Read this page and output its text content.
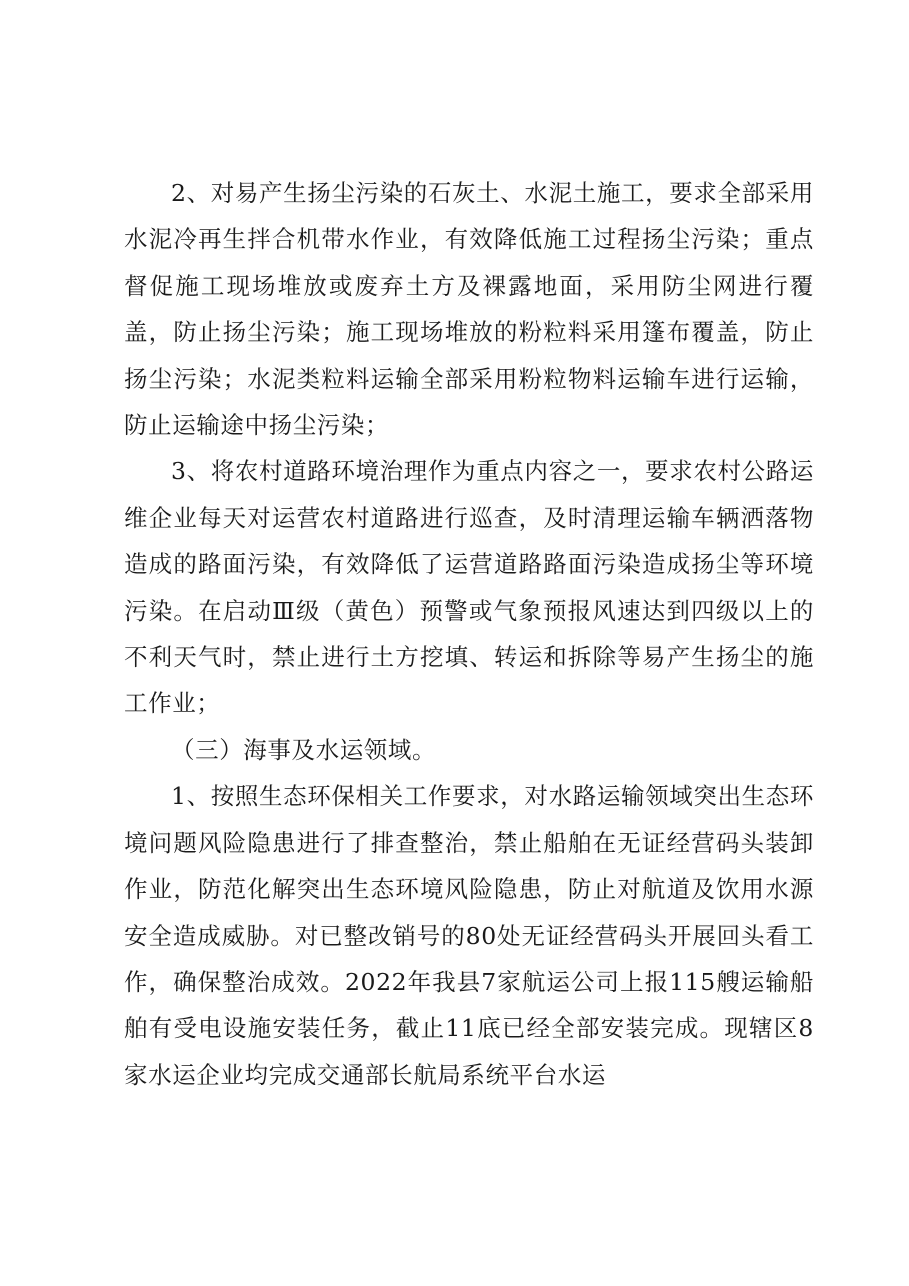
2、对易产生扬尘污染的石灰土、水泥土施工，要求全部采用水泥冷再生拌合机带水作业，有效降低施工过程扬尘污染；重点督促施工现场堆放或废弃土方及裸露地面，采用防尘网进行覆盖，防止扬尘污染；施工现场堆放的粉粒料采用篷布覆盖，防止扬尘污染；水泥类粒料运输全部采用粉粒物料运输车进行运输，防止运输途中扬尘污染；

3、将农村道路环境治理作为重点内容之一，要求农村公路运维企业每天对运营农村道路进行巡查，及时清理运输车辆洒落物造成的路面污染，有效降低了运营道路路面污染造成扬尘等环境污染。在启动Ⅲ级（黄色）预警或气象预报风速达到四级以上的不利天气时，禁止进行土方挖填、转运和拆除等易产生扬尘的施工作业；

（三）海事及水运领域。

1、按照生态环保相关工作要求，对水路运输领域突出生态环境问题风险隐患进行了排查整治，禁止船舶在无证经营码头装卸作业，防范化解突出生态环境风险隐患，防止对航道及饮用水源安全造成威胁。对已整改销号的80处无证经营码头开展回头看工作，确保整治成效。2022年我县7家航运公司上报115艘运输船舶有受电设施安装任务，截止11底已经全部安装完成。现辖区8家水运企业均完成交通部长航局系统平台水运
